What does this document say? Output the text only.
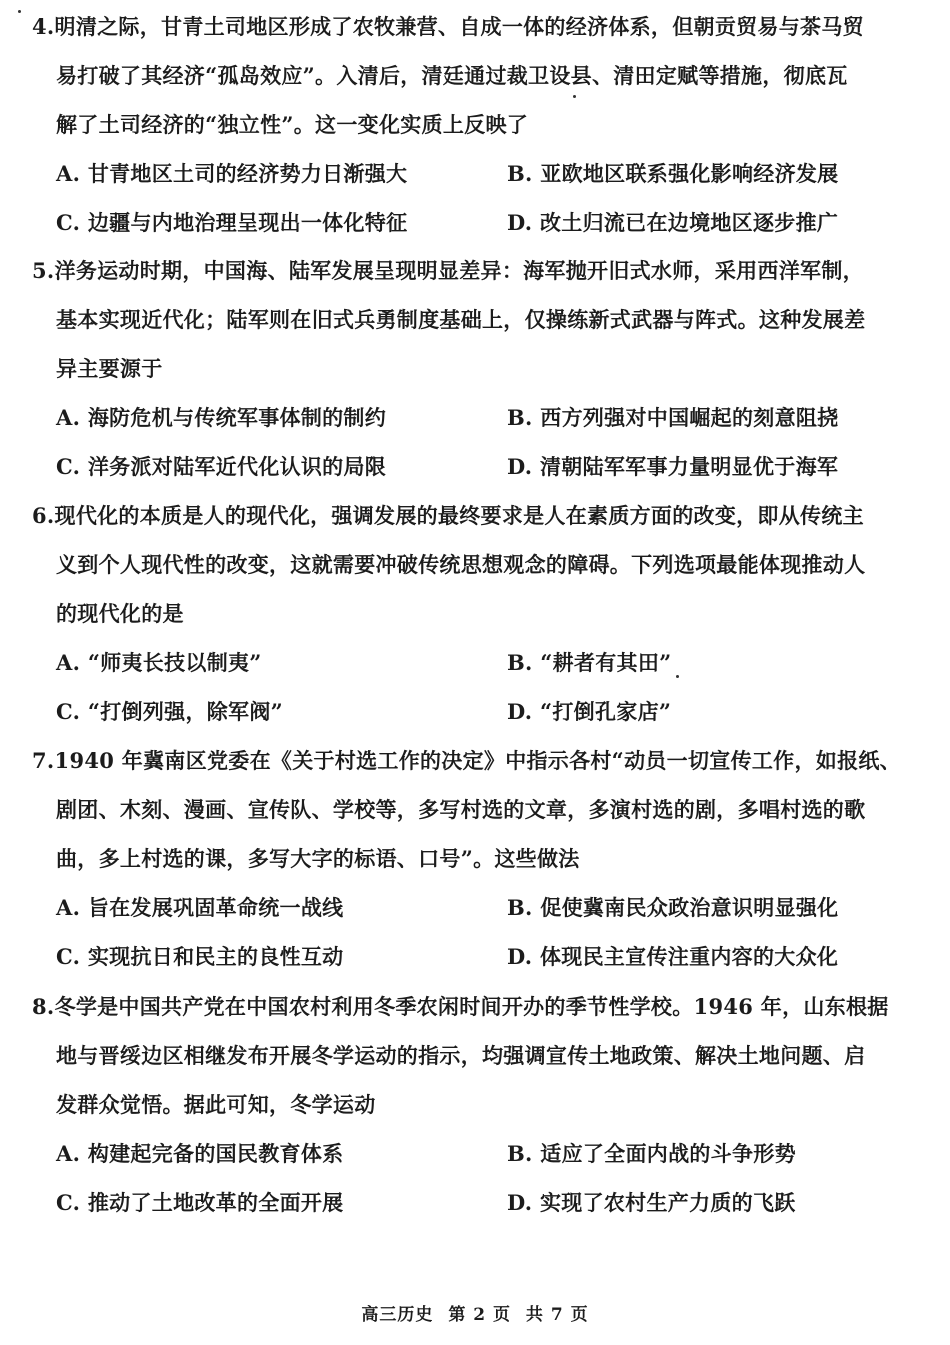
4.明清之际，甘青土司地区形成了农牧兼营、自成一体的经济体系，但朝贡贸易与茶马贸
易打破了其经济“孤岛效应”。入清后，清廷通过裁卫设县、清田定赋等措施，彻底瓦
解了土司经济的“独立性”。这一变化实质上反映了
A. 甘青地区土司的经济势力日渐强大	B. 亚欧地区联系强化影响经济发展
C. 边疆与内地治理呈现出一体化特征	D. 改土归流已在边境地区逐步推广
5.洋务运动时期，中国海、陆军发展呈现明显差异：海军抛开旧式水师，采用西洋军制，
基本实现近代化；陆军则在旧式兵勇制度基础上，仅操练新式武器与阵式。这种发展差
异主要源于
A. 海防危机与传统军事体制的制约	B. 西方列强对中国崛起的刻意阻挠
C. 洋务派对陆军近代化认识的局限	D. 清朝陆军军事力量明显优于海军
6.现代化的本质是人的现代化，强调发展的最终要求是人在素质方面的改变，即从传统主
义到个人现代性的改变，这就需要冲破传统思想观念的障碍。下列选项最能体现推动人
的现代化的是
A. “师夷长技以制夷”	B. “耕者有其田”
C. “打倒列强，除军阀”	D. “打倒孔家店”
7.1940 年冀南区党委在《关于村选工作的决定》中指示各村“动员一切宣传工作，如报纸、
剧团、木刻、漫画、宣传队、学校等，多写村选的文章，多演村选的剧，多唱村选的歌
曲，多上村选的课，多写大字的标语、口号”。这些做法
A. 旨在发展巩固革命统一战线	B. 促使冀南民众政治意识明显强化
C. 实现抗日和民主的良性互动	D. 体现民主宣传注重内容的大众化
8.冬学是中国共产党在中国农村利用冬季农闲时间开办的季节性学校。1946 年，山东根据
地与晋绥边区相继发布开展冬学运动的指示，均强调宣传土地政策、解决土地问题、启
发群众觉悟。据此可知，冬学运动
A. 构建起完备的国民教育体系	B. 适应了全面内战的斗争形势
C. 推动了土地改革的全面开展	D. 实现了农村生产力质的飞跃
高三历史 第 2 页 共 7 页
